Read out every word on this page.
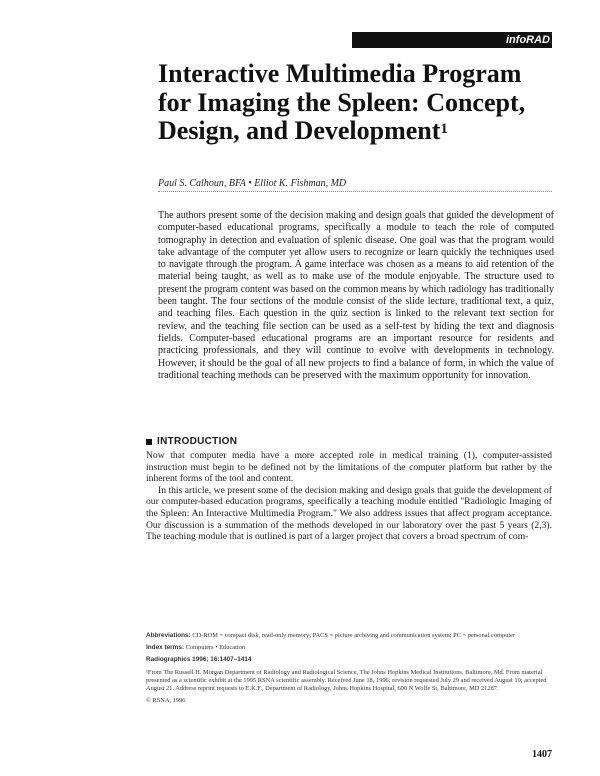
infoRAD
Interactive Multimedia Program for Imaging the Spleen: Concept, Design, and Development$^1$
Paul S. Calhoun, BFA • Elliot K. Fishman, MD

The authors present some of the decision making and design goals that guided the development of computer-based educational programs, specifically a module to teach the role of computed tomography in detection and evaluation of splenic disease. One goal was that the program would take advantage of the computer yet allow users to recognize or learn quickly the techniques used to navigate through the program. A game interface was chosen as a means to aid retention of the material being taught, as well as to make use of the module enjoyable. The structure used to present the program content was based on the common means by which radiology has traditionally been taught. The four sections of the module consist of the slide lecture, traditional text, a quiz, and teaching files. Each question in the quiz section is linked to the relevant text section for review, and the teaching file section can be used as a self-test by hiding the text and diagnosis fields. Computer-based educational programs are an important resource for residents and practicing professionals, and they will continue to evolve with developments in technology. However, it should be the goal of all new projects to find a balance of form, in which the value of traditional teaching methods can be preserved with the maximum opportunity for innovation.

INTRODUCTION

Now that computer media have a more accepted role in medical training (1), computer-assisted instruction must begin to be defined not by the limitations of the computer platform but rather by the inherent forms of the tool and content.

In this article, we present some of the decision making and design goals that guide the development of our computer-based education programs, specifically a teaching module entitled "Radiologic Imaging of the Spleen: An Interactive Multimedia Program." We also address issues that affect program acceptance. Our discussion is a summation of the methods developed in our laboratory over the past 5 years (2,3). The teaching module that is outlined is part of a larger project that covers a broad spectrum of com-

Abbreviations: CD-ROM = compact disk, read-only memory; PACS = picture archiving and communication system; PC = personal computer

Index terms: Computers • Education

Radiographics 1996; 16:1407–1414

¹From The Russell H. Morgan Department of Radiology and Radiological Science, The Johns Hopkins Medical Institutions, Baltimore, Md. From material presented as a scientific exhibit at the 1995 RSNA scientific assembly. Received June 18, 1996; revision requested July 29 and received August 19; accepted August 21. Address reprint requests to E.K.F., Department of Radiology, Johns Hopkins Hospital, 600 N Wolfe St, Baltimore, MD 21287.

© RSNA, 1996

1407
